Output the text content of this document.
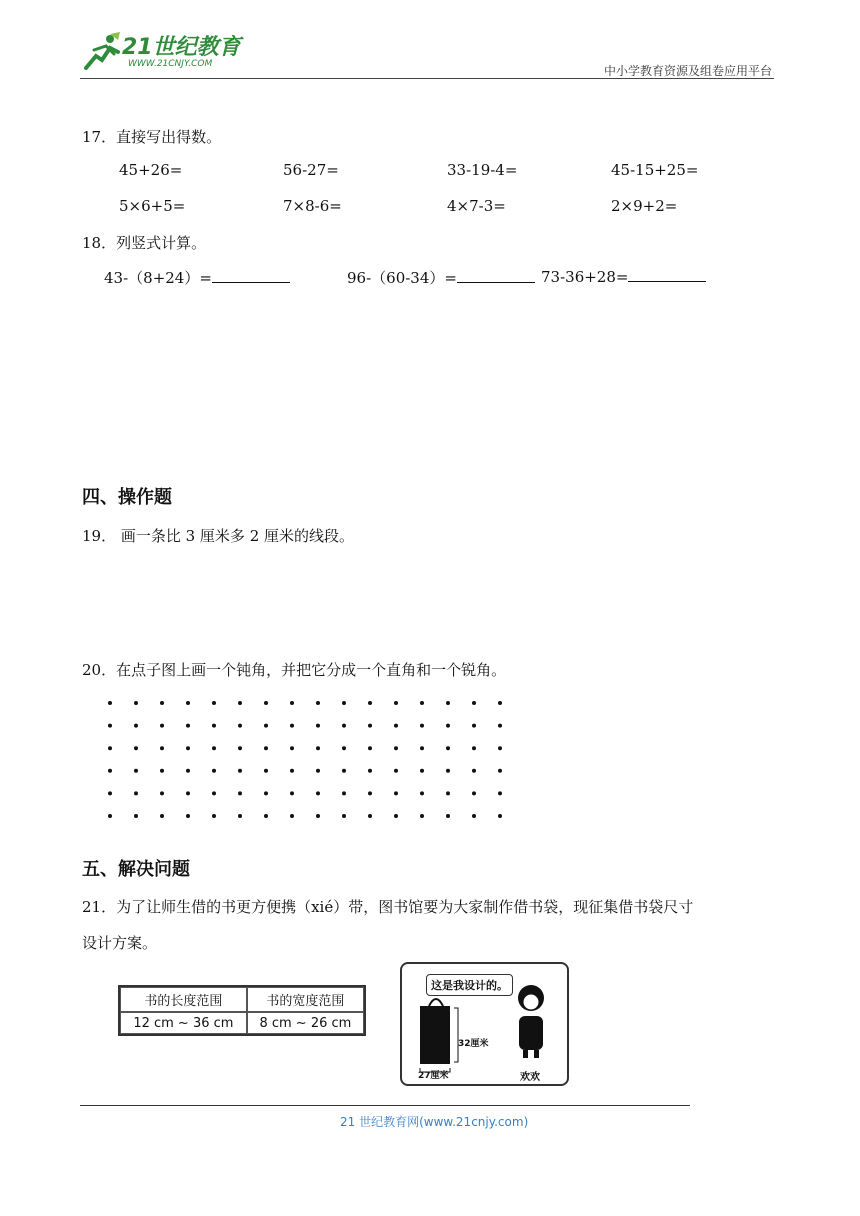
21世纪教育
WWW.21CNJY.COM	中小学教育资源及组卷应用平台
17．直接写出得数。
45+26=	56-27=	33-19-4=	45-15+25=
5×6+5=	7×8-6=	4×7-3=	2×9+2=
18．列竖式计算。
43-（8+24）=	96-（60-34）=	73-36+28=
四、操作题
19． 画一条比 3 厘米多 2 厘米的线段。
20．在点子图上画一个钝角，并把它分成一个直角和一个锐角。
五、解决问题
21．为了让师生借的书更方便携（xié）带，图书馆要为大家制作借书袋，现征集借书袋尺寸
设计方案。
书的长度范围	书的宽度范围
12 cm ~ 36 cm	8 cm ~ 26 cm
这是我设计的。
32厘米
27厘米	欢欢
21 世纪教育网(www.21cnjy.com)
